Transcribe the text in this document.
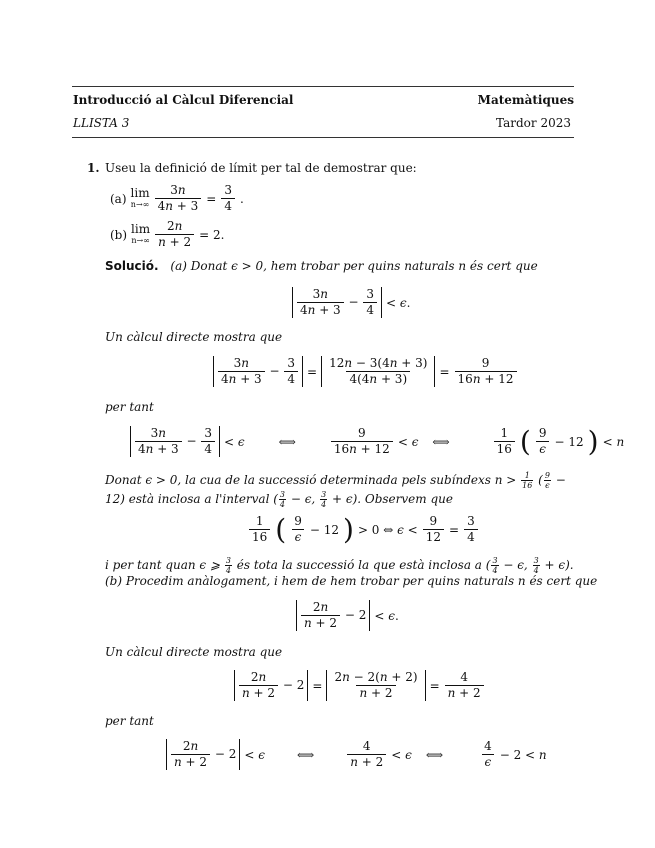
Introducció al Càlcul Diferencial	Matemàtiques
LLISTA 3	Tardor 2023
1. Useu la definició de límit per tal de demostrar que:
(a) lim
$n\to\infty \frac{3n}{4n + 3} = \frac{3}{4}$ .
(b) lim
$n\to\infty \frac{2n}{n + 2} = 2$.
Solució. (a) Donat ϵ > 0, hem trobar per quins naturals n és cert que
$\frac{3n}{4n + 3} - \frac{3}{4} < \epsilon$.
Un càlcul directe mostra que
$\frac{3n}{4n + 3} - \frac{3}{4} = \frac{12n - 3(4n + 3)}{4(4n + 3)} = \frac{9}{16n + 12}$
per tant
$\frac{3n}{4n + 3} - \frac{3}{4} < \epsilon$	⟺	$\frac{9}{16n + 12} < \epsilon$ ⟺	$\frac{1}{16}$ ( $\frac{9}{\epsilon} - 12$ ) < n
Donat ϵ > 0, la cua de la successió determinada pels subíndexs $n > \frac{1}{16}$ ( $\frac{9}{\epsilon} - 12$) està inclosa a l'interval ( $\frac{3}{4} - \epsilon$, $\frac{3}{4} + \epsilon$). Observem que
$\frac{1}{16}$ ( $\frac{9}{\epsilon} - 12$ ) > 0 ⇔ $\epsilon < \frac{9}{12} = \frac{3}{4}$
i per tant quan ϵ ⩾ $\frac{3}{4}$ és tota la successió la que està inclosa a ( $\frac{3}{4} - \epsilon$, $\frac{3}{4} + \epsilon$).
(b) Procedim anàlogament, i hem de hem trobar per quins naturals n és cert que
$\frac{2n}{n + 2} - 2 < \epsilon$.
Un càlcul directe mostra que
$\frac{2n}{n + 2} - 2 = \frac{2n - 2(n + 2)}{n + 2} = \frac{4}{n + 2}$
per tant
$\frac{2n}{n + 2} - 2 < \epsilon$	⟺	$\frac{4}{n + 2} < \epsilon$ ⟺	$\frac{4}{\epsilon} - 2 < n$
